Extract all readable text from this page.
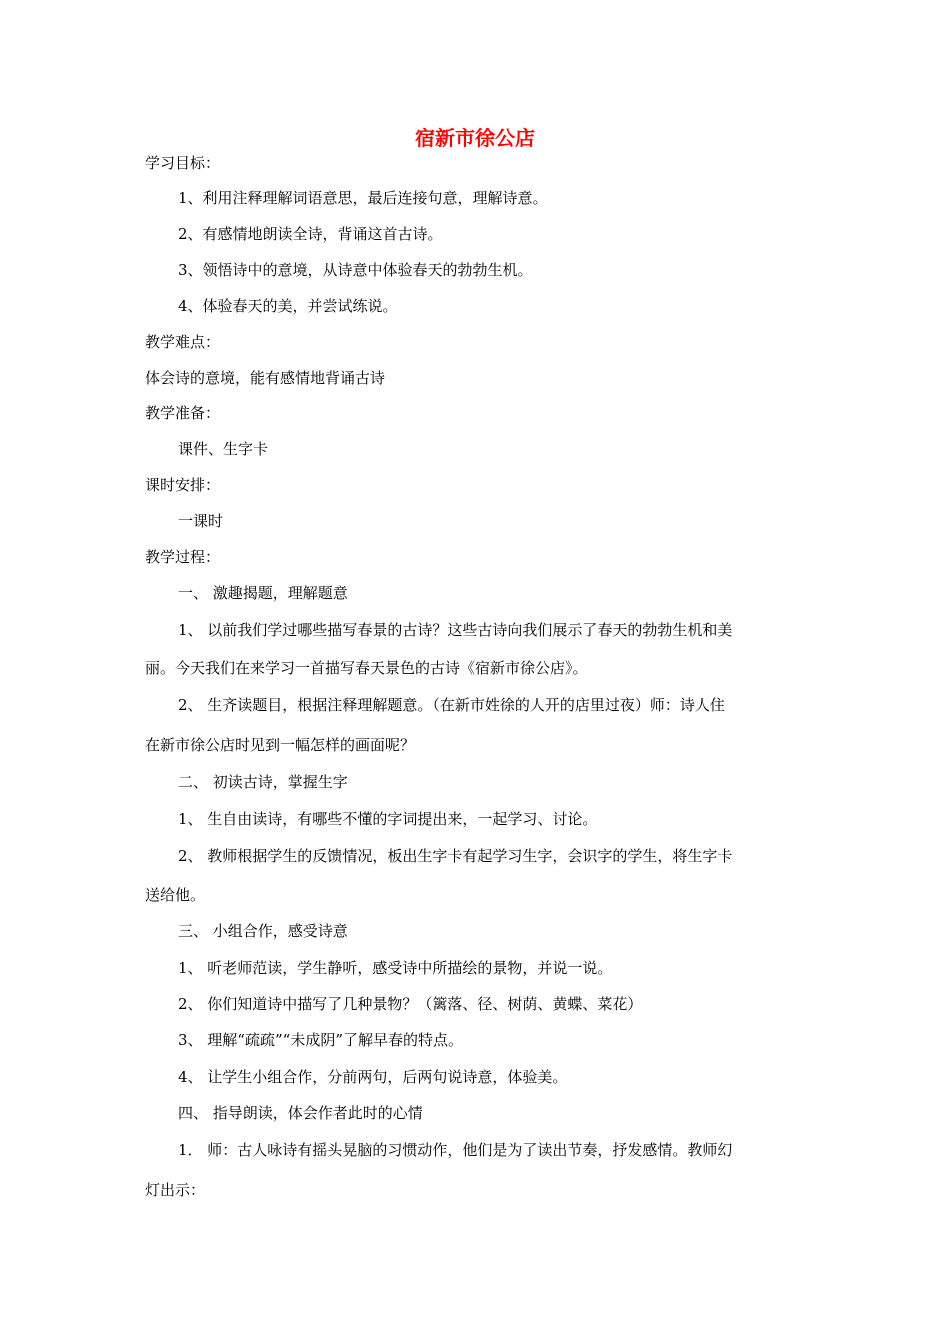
宿新市徐公店
学习目标：
1、利用注释理解词语意思，最后连接句意，理解诗意。
2、有感情地朗读全诗，背诵这首古诗。
3、领悟诗中的意境，从诗意中体验春天的勃勃生机。
4、体验春天的美，并尝试练说。
教学难点：
体会诗的意境，能有感情地背诵古诗
教学准备：
课件、生字卡
课时安排：
一课时
教学过程：
一、 激趣揭题，理解题意
1、 以前我们学过哪些描写春景的古诗？这些古诗向我们展示了春天的勃勃生机和美
丽。今天我们在来学习一首描写春天景色的古诗《宿新市徐公店》。
2、 生齐读题目，根据注释理解题意。（在新市姓徐的人开的店里过夜）师：诗人住
在新市徐公店时见到一幅怎样的画面呢？
二、 初读古诗，掌握生字
1、 生自由读诗，有哪些不懂的字词提出来，一起学习、讨论。
2、 教师根据学生的反馈情况，板出生字卡有起学习生字，会识字的学生，将生字卡
送给他。
三、 小组合作，感受诗意
1、 听老师范读，学生静听，感受诗中所描绘的景物，并说一说。
2、 你们知道诗中描写了几种景物？（篱落、径、树荫、黄蝶、菜花）
3、 理解“疏疏”“未成阴”了解早春的特点。
4、 让学生小组合作，分前两句，后两句说诗意，体验美。
四、 指导朗读，体会作者此时的心情
1． 师：古人咏诗有摇头晃脑的习惯动作，他们是为了读出节奏，抒发感情。教师幻
灯出示：
